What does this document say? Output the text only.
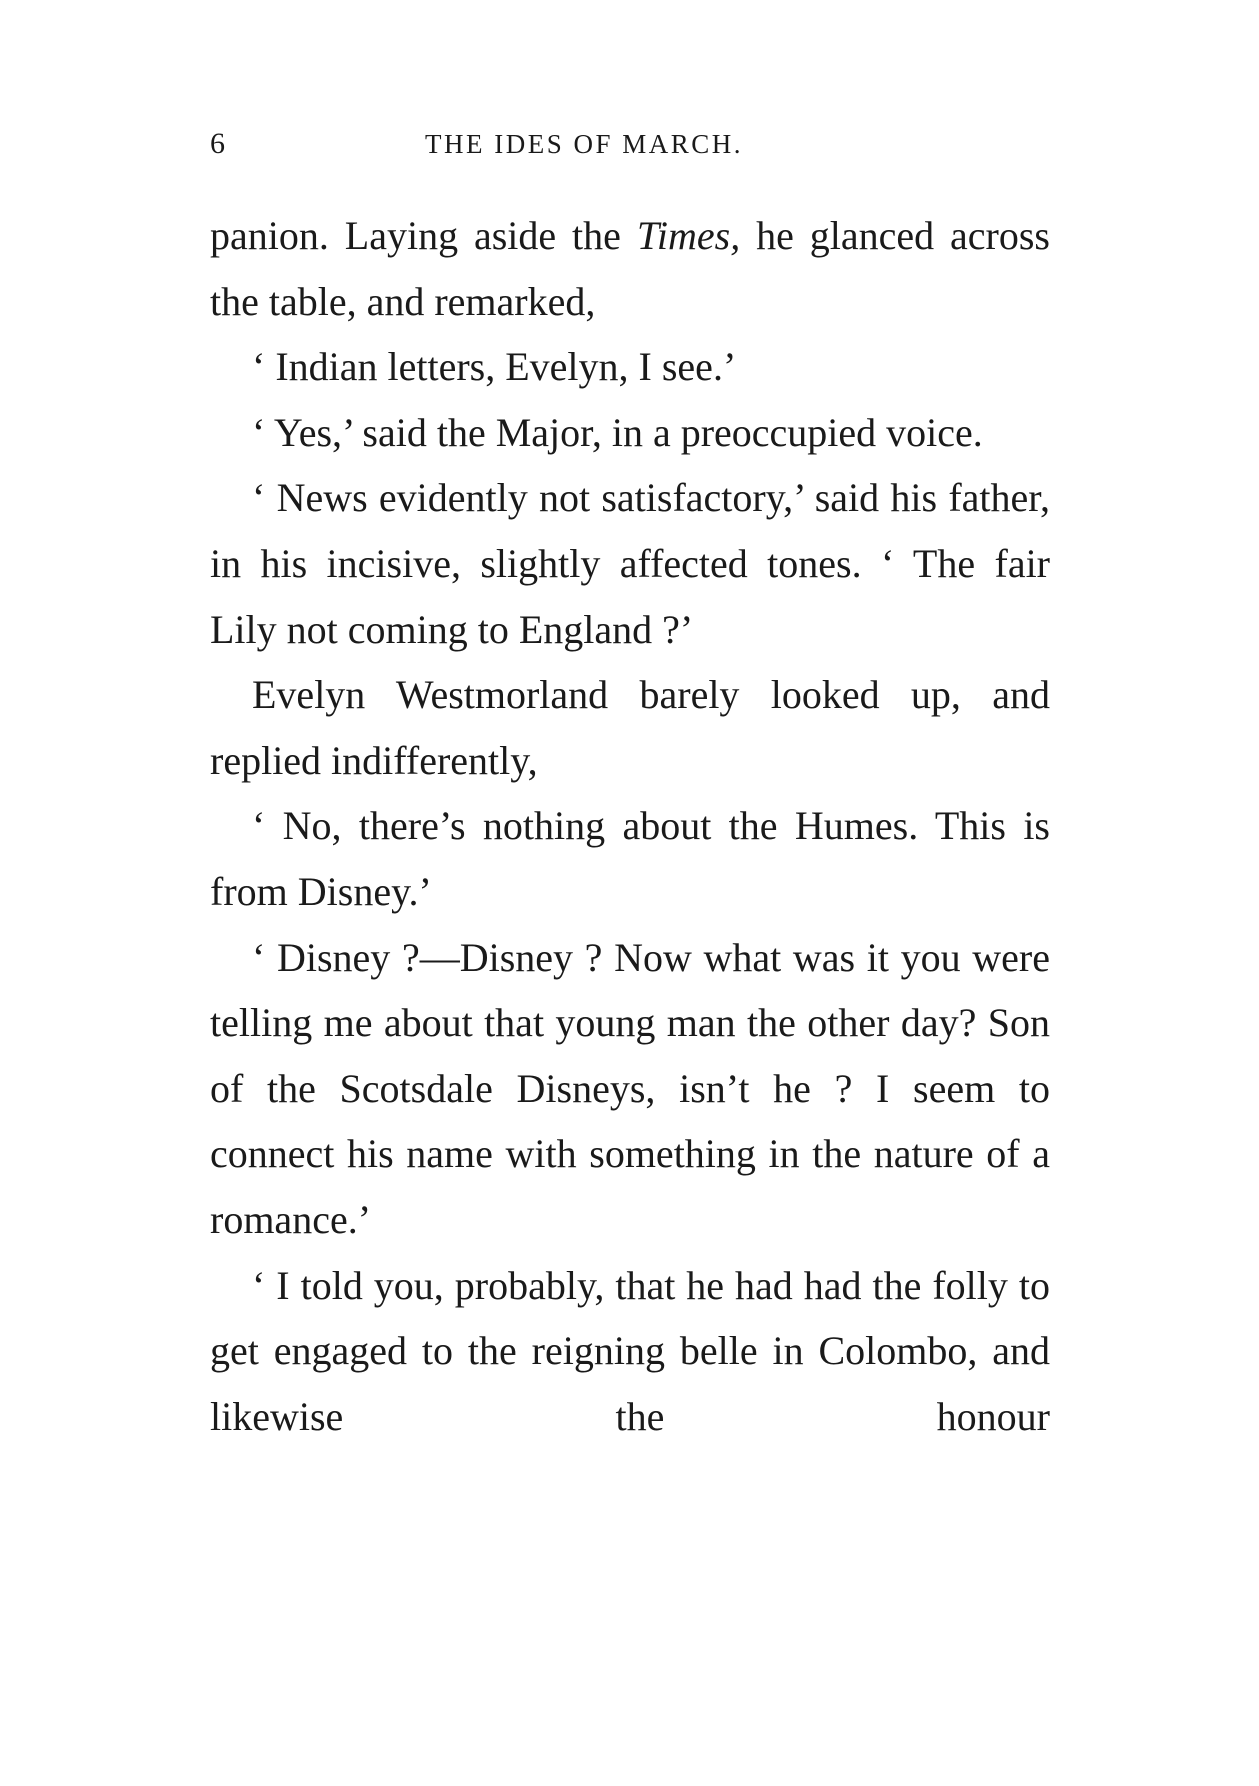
6	THE IDES OF MARCH.

panion. Laying aside the Times, he glanced across the table, and remarked,

‘ Indian letters, Evelyn, I see.’

‘ Yes,’ said the Major, in a preoccupied voice.

‘ News evidently not satisfactory,’ said his father, in his incisive, slightly affected tones. ‘ The fair Lily not coming to England ?’

Evelyn Westmorland barely looked up, and replied indifferently,

‘ No, there’s nothing about the Humes. This is from Disney.’

‘ Disney ?—Disney ? Now what was it you were telling me about that young man the other day? Son of the Scotsdale Disneys, isn’t he ? I seem to connect his name with something in the nature of a romance.’

‘ I told you, probably, that he had had the folly to get engaged to the reigning belle in Colombo, and likewise the honour
